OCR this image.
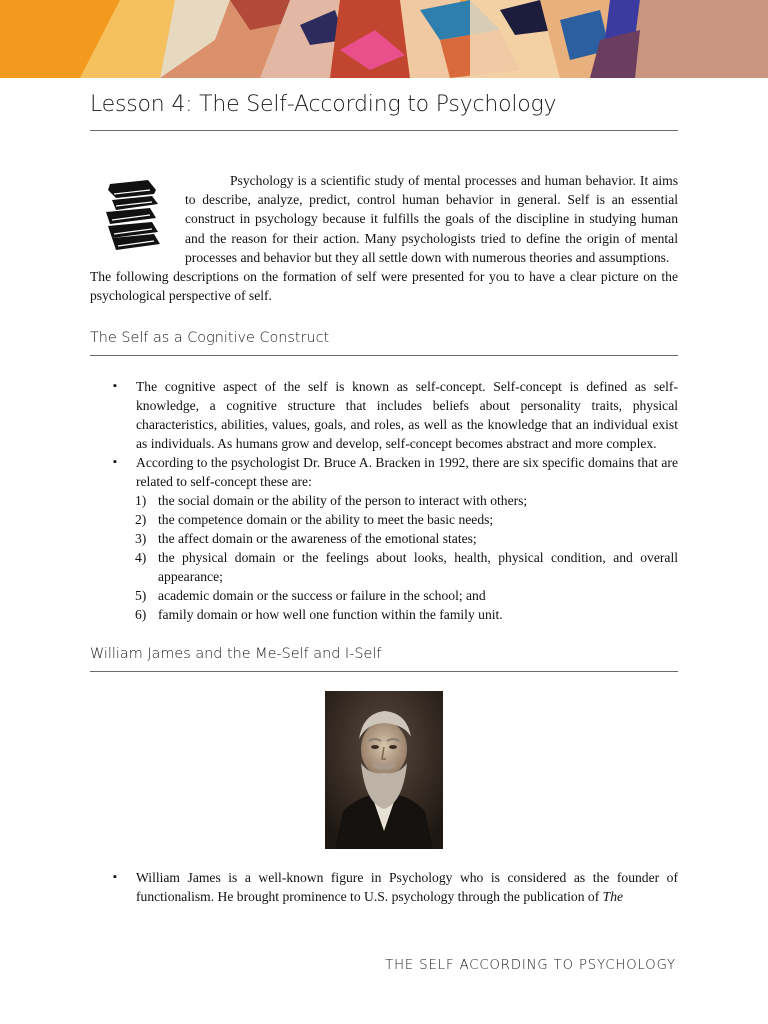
Lesson 4: The Self-According to Psychology

Psychology is a scientific study of mental processes and human behavior. It aims to describe, analyze, predict, control human behavior in general. Self is an essential construct in psychology because it fulfills the goals of the discipline in studying human and the reason for their action. Many psychologists tried to define the origin of mental processes and behavior but they all settle down with numerous theories and assumptions.

The following descriptions on the formation of self were presented for you to have a clear picture on the psychological perspective of self.
The Self as a Cognitive Construct
▪ The cognitive aspect of the self is known as self-concept. Self-concept is defined as self-knowledge, a cognitive structure that includes beliefs about personality traits, physical characteristics, abilities, values, goals, and roles, as well as the knowledge that an individual exist as individuals. As humans grow and develop, self-concept becomes abstract and more complex.
▪ According to the psychologist Dr. Bruce A. Bracken in 1992, there are six specific domains that are related to self-concept these are:
1) the social domain or the ability of the person to interact with others;
2) the competence domain or the ability to meet the basic needs;
3) the affect domain or the awareness of the emotional states;
4) the physical domain or the feelings about looks, health, physical condition, and overall appearance;
5) academic domain or the success or failure in the school; and
6) family domain or how well one function within the family unit.
William James and the Me-Self and I-Self
▪ William James is a well-known figure in Psychology who is considered as the founder of functionalism. He brought prominence to U.S. psychology through the publication of The
THE SELF ACCORDING TO PSYCHOLOGY
